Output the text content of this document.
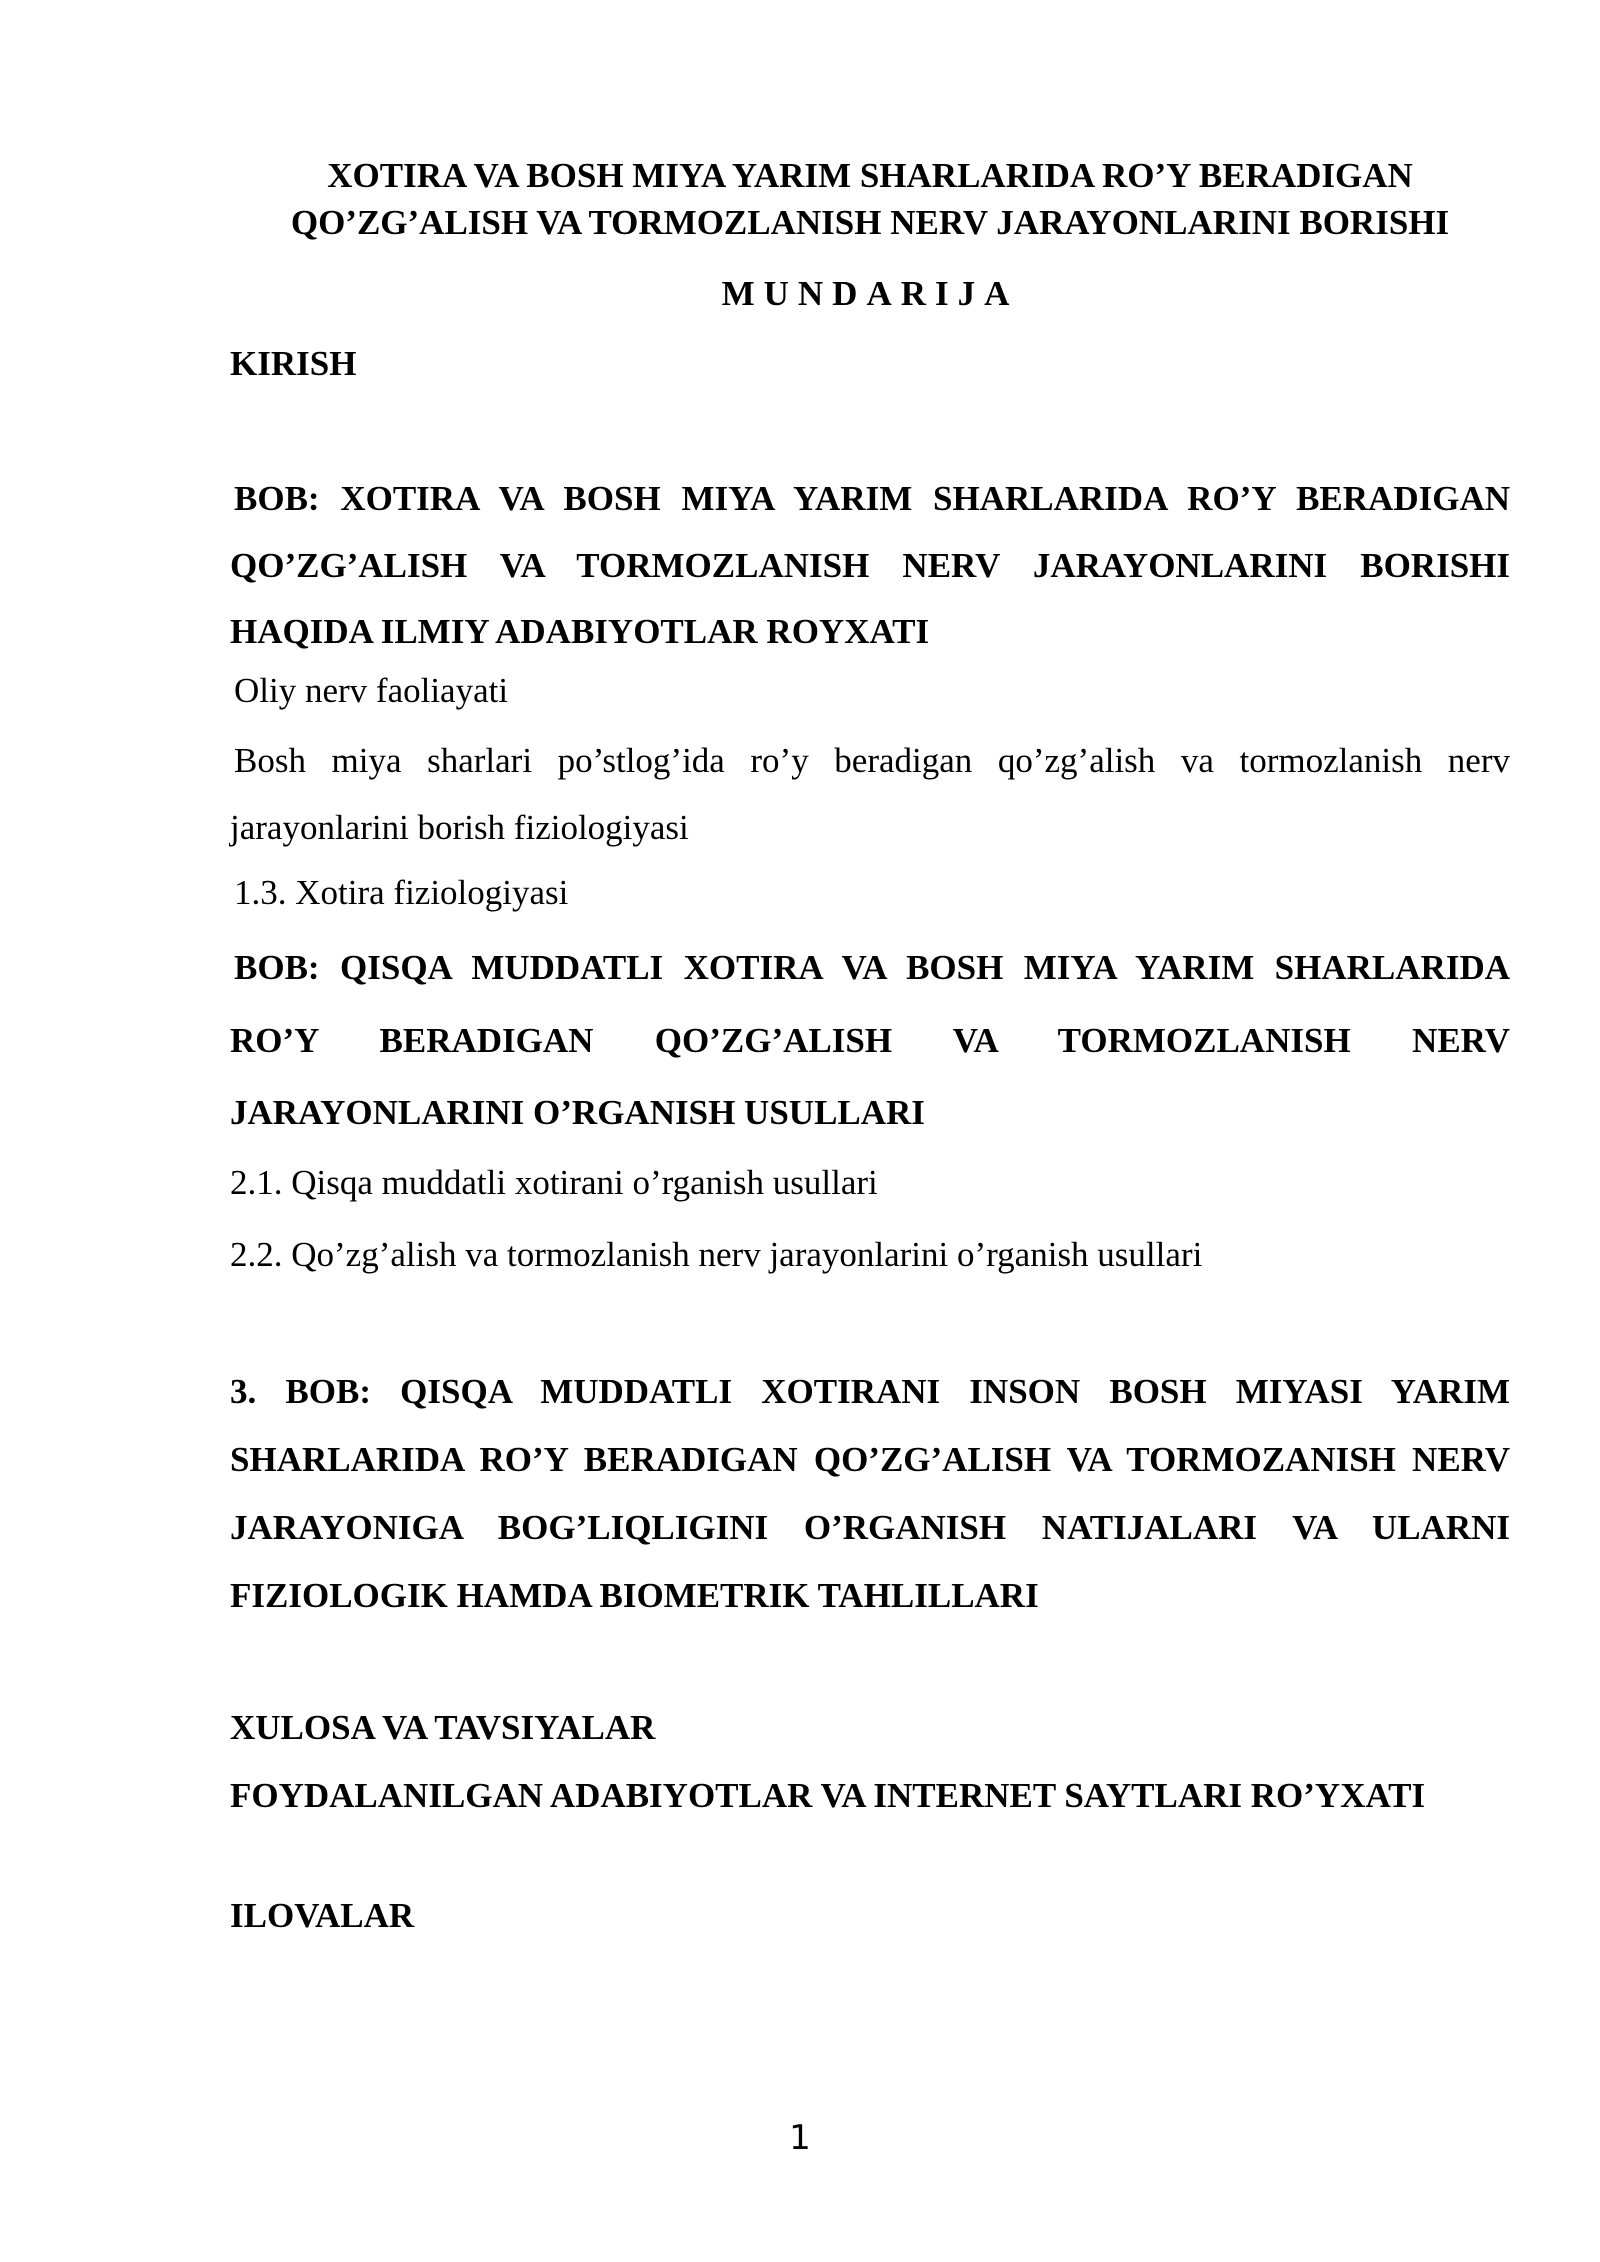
XOTIRA VA BOSH MIYA YARIM SHARLARIDA RO’Y BERADIGAN
QO’ZG’ALISH VA TORMOZLANISH NERV JARAYONLARINI BORISHI
MUNDARIJA
KIRISH
BOB: XOTIRA VA BOSH MIYA YARIM SHARLARIDA RO’Y BERADIGAN QO’ZG’ALISH VA TORMOZLANISH NERV JARAYONLARINI BORISHI HAQIDA ILMIY ADABIYOTLAR ROYXATI
Oliy nerv faoliayati
Bosh miya sharlari po’stlog’ida ro’y beradigan qo’zg’alish va tormozlanish nerv jarayonlarini borish fiziologiyasi
1.3. Xotira fiziologiyasi
BOB: QISQA MUDDATLI XOTIRA VA BOSH MIYA YARIM SHARLARIDA RO’Y BERADIGAN QO’ZG’ALISH VA TORMOZLANISH NERV JARAYONLARINI O’RGANISH USULLARI
2.1. Qisqa muddatli xotirani o’rganish usullari
2.2. Qo’zg’alish va tormozlanish nerv jarayonlarini o’rganish usullari
3. BOB: QISQA MUDDATLI XOTIRANI INSON BOSH MIYASI YARIM SHARLARIDA RO’Y BERADIGAN QO’ZG’ALISH VA TORMOZANISH NERV JARAYONIGA BOG’LIQLIGINI O’RGANISH NATIJALARI VA ULARNI FIZIOLOGIK HAMDA BIOMETRIK TAHLILLARI
XULOSA VA TAVSIYALAR
FOYDALANILGAN ADABIYOTLAR VA INTERNET SAYTLARI RO’YXATI
ILOVALAR
1
